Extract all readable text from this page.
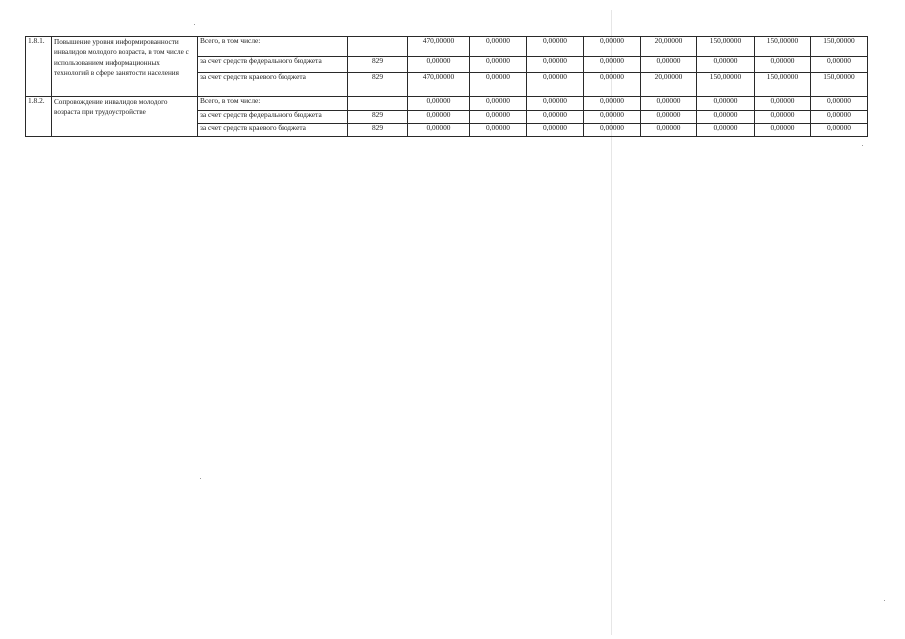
1.8.1.	Повышение уровня информированности инвалидов молодого возраста, в том числе с использованием информационных технологий в сфере занятости населения	Всего, в том числе:		470,00000	0,00000	0,00000	0,00000	20,00000	150,00000	150,00000	150,00000
		за счет средств федерального бюджета	829	0,00000	0,00000	0,00000	0,00000	0,00000	0,00000	0,00000	0,00000
		за счет средств краевого бюджета	829	470,00000	0,00000	0,00000	0,00000	20,00000	150,00000	150,00000	150,00000
1.8.2.	Сопровождение инвалидов молодого возраста при трудоустройстве	Всего, в том числе:		0,00000	0,00000	0,00000	0,00000	0,00000	0,00000	0,00000	0,00000
		за счет средств федерального бюджета	829	0,00000	0,00000	0,00000	0,00000	0,00000	0,00000	0,00000	0,00000
		за счет средств краевого бюджета	829	0,00000	0,00000	0,00000	0,00000	0,00000	0,00000	0,00000	0,00000
